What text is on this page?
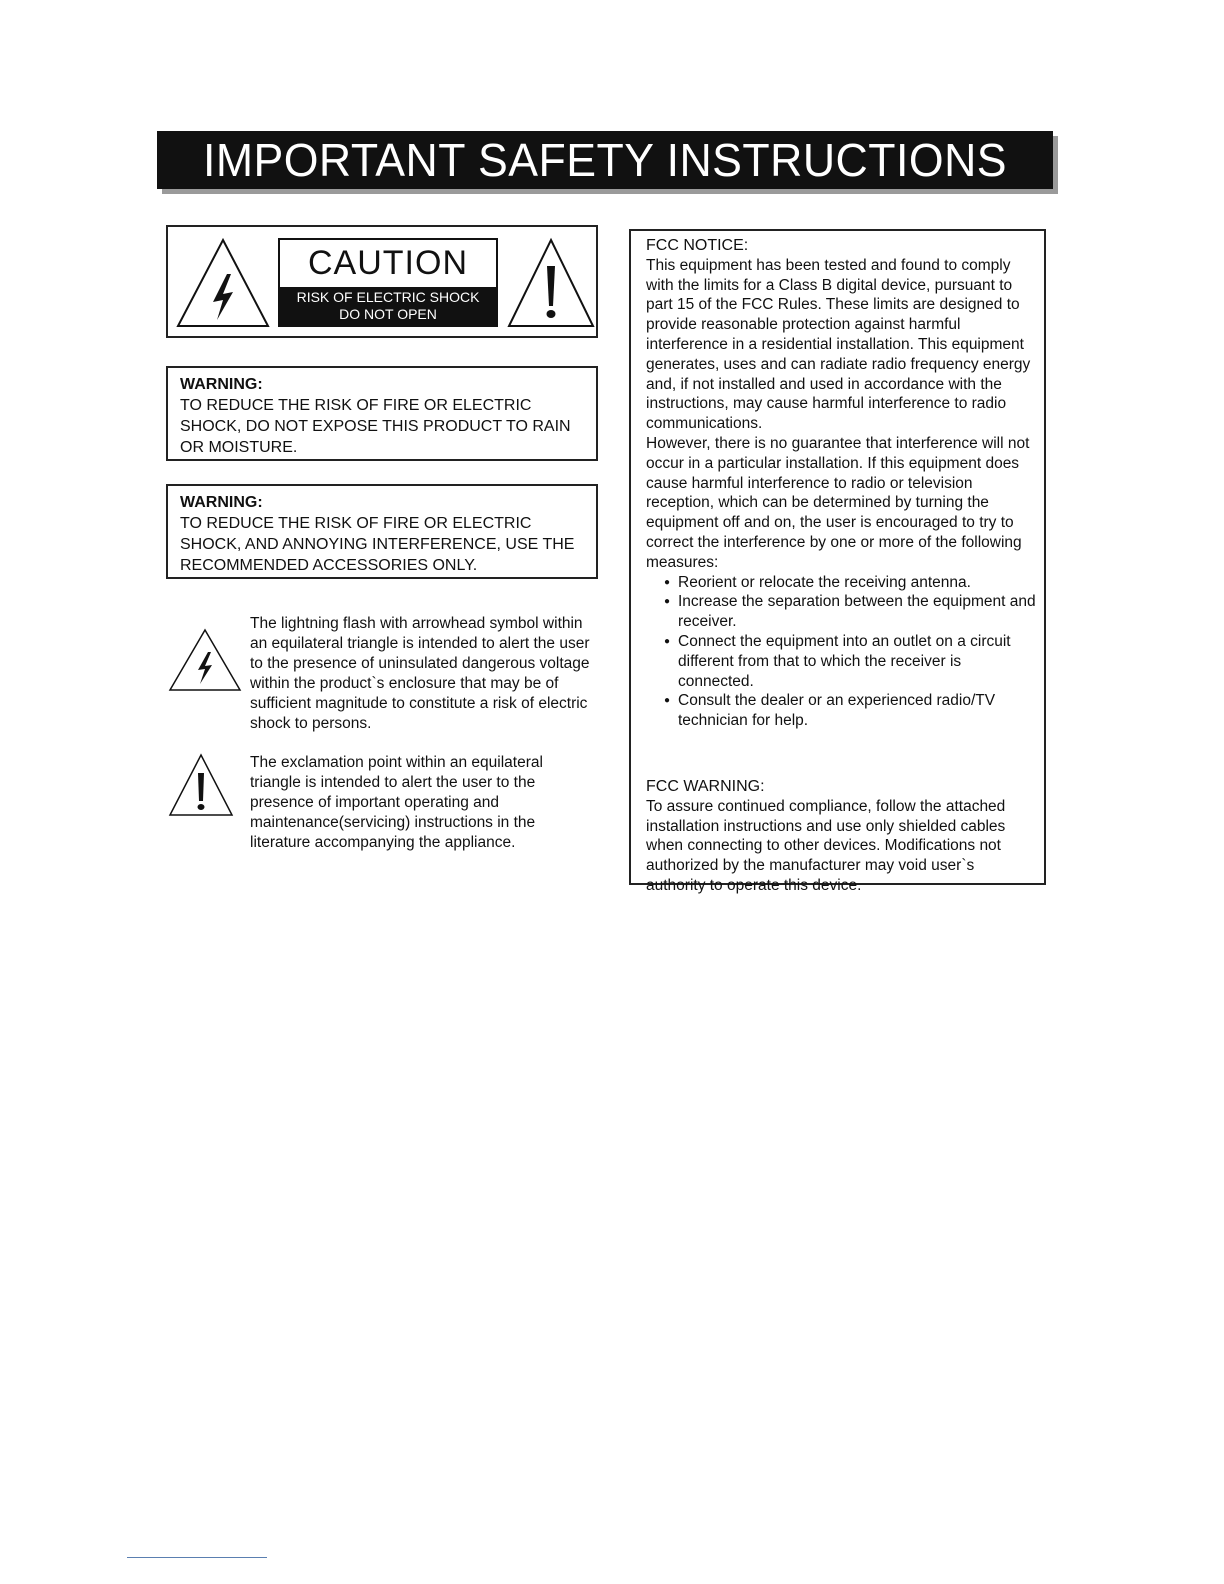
IMPORTANT SAFETY INSTRUCTIONS
CAUTION
RISK OF ELECTRIC SHOCK
DO NOT OPEN
WARNING:
TO REDUCE THE RISK OF FIRE OR ELECTRIC SHOCK, DO NOT EXPOSE THIS PRODUCT TO RAIN OR MOISTURE.
WARNING:
TO REDUCE THE RISK OF FIRE OR ELECTRIC SHOCK, AND ANNOYING INTERFERENCE, USE THE RECOMMENDED ACCESSORIES ONLY.

The lightning flash with arrowhead symbol within an equilateral triangle is intended to alert the user to the presence of uninsulated dangerous voltage within the product`s enclosure that may be of sufficient magnitude to constitute a risk of electric shock to persons.

The exclamation point within an equilateral triangle is intended to alert the user to the presence of important operating and maintenance(servicing) instructions in the literature accompanying the appliance.

FCC NOTICE:

This equipment has been tested and found to comply with the limits for a Class B digital device, pursuant to part 15 of the FCC Rules. These limits are designed to provide reasonable protection against harmful interference in a residential installation. This equipment generates, uses and can radiate radio frequency energy and, if not installed and used in accordance with the instructions, may cause harmful interference to radio communications.

However, there is no guarantee that interference will not occur in a particular installation. If this equipment does cause harmful interference to radio or television reception, which can be determined by turning the equipment off and on, the user is encouraged to try to correct the interference by one or more of the following measures:

● Reorient or relocate the receiving antenna.
● Increase the separation between the equipment and receiver.
● Connect the equipment into an outlet on a circuit different from that to which the receiver is connected.
● Consult the dealer or an experienced radio/TV technician for help.

FCC WARNING:

To assure continued compliance, follow the attached installation instructions and use only shielded cables when connecting to other devices. Modifications not authorized by the manufacturer may void user`s authority to operate this device.
